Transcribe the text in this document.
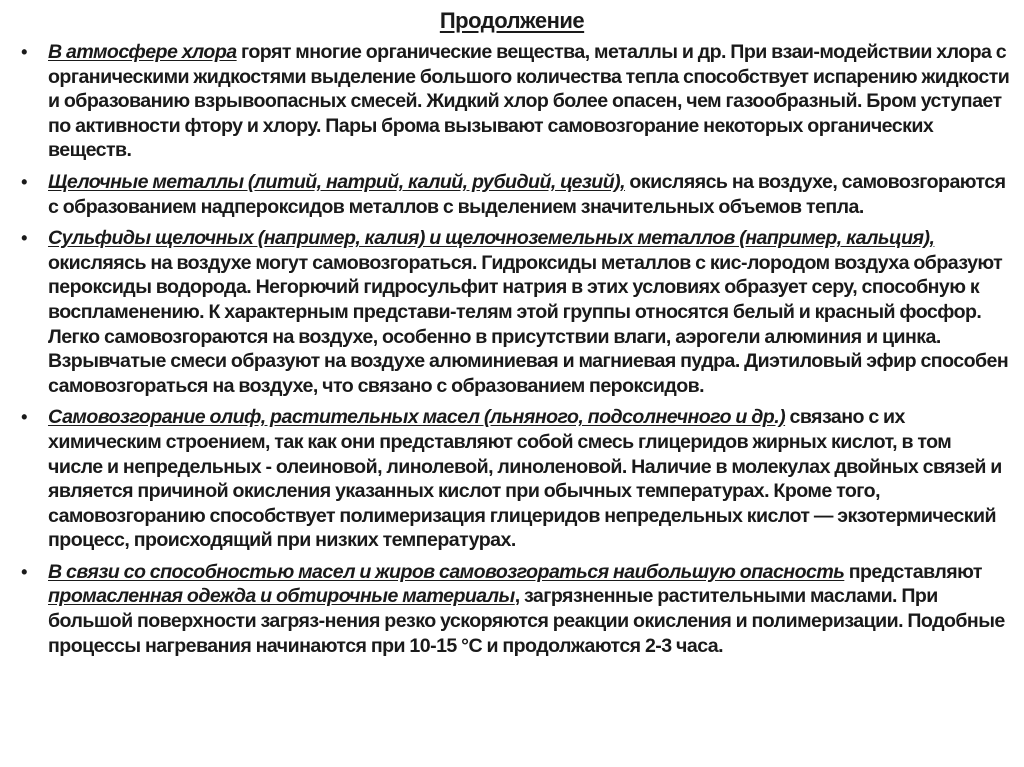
Продолжение
•	В атмосфере хлора горят многие органические вещества, металлы и др. При взаи-модействии хлора с органическими жидкостями выделение большого количества тепла способствует испарению жидкости и образованию взрывоопасных смесей. Жидкий хлор более опасен, чем газообразный. Бром уступает по активности фтору и хлору. Пары брома вызывают самовозгорание некоторых органических веществ.
•	Щелочные металлы (литий, натрий, калий, рубидий, цезий), окисляясь на воздухе, самовозгораются с образованием надпероксидов металлов с выделением значительных объемов тепла.
•	Сульфиды щелочных (например, калия) и щелочноземельных металлов (например, кальция), окисляясь на воздухе могут самовозгораться. Гидроксиды металлов с кис-лородом воздуха образуют пероксиды водорода. Негорючий гидросульфит натрия в этих условиях образует серу, способную к воспламенению. К характерным представи-телям этой группы относятся белый и красный фосфор. Легко самовозгораются на воздухе, особенно в присутствии влаги, аэрогели алюминия и цинка. Взрывчатые смеси образуют на воздухе алюминиевая и магниевая пудра. Диэтиловый эфир способен самовозгораться на воздухе, что связано с образованием пероксидов.
•	Самовозгорание олиф, растительных масел (льняного, подсолнечного и др.) связано с их химическим строением, так как они представляют собой смесь глицеридов жирных кислот, в том числе и непредельных - олеиновой, линолевой, линоленовой. Наличие в молекулах двойных связей и является причиной окисления указанных кислот при обычных температурах. Кроме того, самовозгоранию способствует полимеризация глицеридов непредельных кислот — экзотермический процесс, происходящий при низких температурах.
•	В связи со способностью масел и жиров самовозгораться наибольшую опасность представляют промасленная одежда и обтирочные материалы, загрязненные растительными маслами. При большой поверхности загряз-нения резко ускоряются реакции окисления и полимеризации. Подобные процессы нагревания начинаются при 10-15 °С и продолжаются 2-3 часа.
